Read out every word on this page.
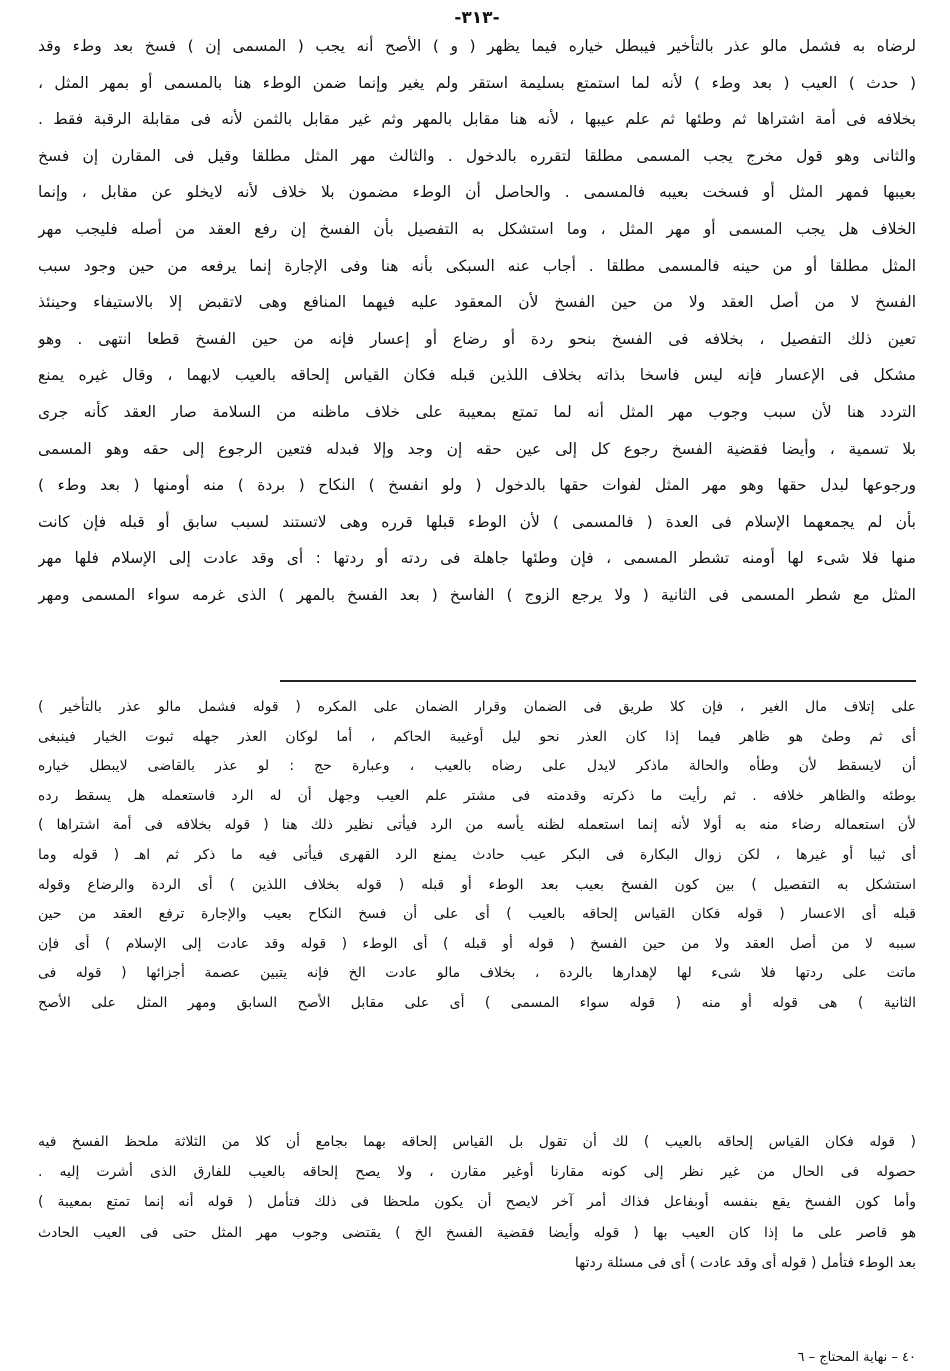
-٣١٣-
لرضاه به فشمل مالو عذر بالتأخير فيبطل خياره فيما يظهر ( و ) الأصح أنه يجب ( المسمى إن ) فسخ بعد وطء وقد
( حدث ) العيب ( بعد وطء ) لأنه لما استمتع بسليمة استقر ولم يغير وإنما ضمن الوطء هنا بالمسمى أو بمهر المثل ،
بخلافه فى أمة اشتراها ثم وطئها ثم علم عيبها ، لأنه هنا مقابل بالمهر وثم غير مقابل بالثمن لأنه فى مقابلة الرقبة فقط .
والثانى وهو قول مخرج يجب المسمى مطلقا لتقرره بالدخول . والثالث مهر المثل مطلقا وقيل فى المقارن إن فسخ
بعيبها فمهر المثل أو فسخت بعيبه فالمسمى . والحاصل أن الوطء مضمون بلا خلاف لأنه لايخلو عن مقابل ، وإنما
الخلاف هل يجب المسمى أو مهر المثل ، وما استشكل به التفصيل بأن الفسخ إن رفع العقد من أصله فليجب مهر
المثل مطلقا أو من حينه فالمسمى مطلقا . أجاب عنه السبكى بأنه هنا وفى الإجارة إنما يرفعه من حين وجود سبب
الفسخ لا من أصل العقد ولا من حين الفسخ لأن المعقود عليه فيهما المنافع وهى لاتقبض إلا بالاستيفاء وحينئذ
تعين ذلك التفصيل ، بخلافه فى الفسخ بنحو ردة أو رضاع أو إعسار فإنه من حين الفسخ قطعا انتهى . وهو
مشكل فى الإعسار فإنه ليس فاسخا بذاته بخلاف اللذين قبله فكان القياس إلحاقه بالعيب لابهما ، وقال غيره يمنع
التردد هنا لأن سبب وجوب مهر المثل أنه لما تمتع بمعيبة على خلاف ماظنه من السلامة صار العقد كأنه جرى
بلا تسمية ، وأيضا فقضية الفسخ رجوع كل إلى عين حقه إن وجد وإلا فبدله فتعين الرجوع إلى حقه وهو المسمى
ورجوعها لبدل حقها وهو مهر المثل لفوات حقها بالدخول ( ولو انفسخ ) النكاح ( بردة ) منه أومنها ( بعد وطء )
بأن لم يجمعهما الإسلام فى العدة ( فالمسمى ) لأن الوطء قبلها قرره وهى لاتستند لسبب سابق أو قبله فإن كانت
منها فلا شىء لها أومنه تشطر المسمى ، فإن وطئها جاهلة فى ردته أو ردتها : أى وقد عادت إلى الإسلام فلها مهر
المثل مع شطر المسمى فى الثانية ( ولا يرجع الزوج ) الفاسخ ( بعد الفسخ بالمهر ) الذى غرمه سواء المسمى ومهر
على إتلاف مال الغير ، فإن كلا طريق فى الضمان وقرار الضمان على المكره ( قوله فشمل مالو عذر بالتأخير )
أى ثم وطئ هو ظاهر فيما إذا كان العذر نحو ليل أوغيبة الحاكم ، أما لوكان العذر جهله ثبوت الخيار فينبغى
أن لايسقط لأن وطأه والحالة ماذكر لايدل على رضاه بالعيب ، وعبارة حج : لو عذر بالقاضى لايبطل خياره
بوطئه والظاهر خلافه . ثم رأيت ما ذكرته وقدمته فى مشتر علم العيب وجهل أن له الرد فاستعمله هل يسقط رده
لأن استعماله رضاء منه به أولا لأنه إنما استعمله لظنه يأسه من الرد فيأتى نظير ذلك هنا ( قوله بخلافه فى أمة اشتراها )
أى ثيبا أو غيرها ، لكن زوال البكارة فى البكر عيب حادث يمنع الرد القهرى فيأتى فيه ما ذكر ثم اهـ ( قوله وما
استشكل به التفصيل ) بين كون الفسخ بعيب بعد الوطء أو قبله ( قوله بخلاف اللذين ) أى الردة والرضاع وقوله
قبله أى الاعسار ( قوله فكان القياس إلحاقه بالعيب ) أى على أن فسخ النكاح بعيب والإجارة ترفع العقد من حين
سببه لا من أصل العقد ولا من حين الفسخ ( قوله أو قبله ) أى الوطء ( قوله وقد عادت إلى الإسلام ) أى فإن
ماتت على ردتها فلا شىء لها لإهدارها بالردة ، بخلاف مالو عادت الخ فإنه يتبين عصمة أجزائها ( قوله فى
الثانية ) هى قوله أو منه ( قوله سواء المسمى ) أى على مقابل الأصح السابق ومهر المثل على الأصح
( قوله فكان القياس إلحاقه بالعيب ) لك أن تقول بل القياس إلحاقه بهما بجامع أن كلا من الثلاثة ملحظ الفسخ فيه
حصوله فى الحال من غير نظر إلى كونه مقارنا أوغير مقارن ، ولا يصح إلحاقه بالعيب للفارق الذى أشرت إليه .
وأما كون الفسخ يقع بنفسه أوبفاعل فذاك أمر آخر لايصح أن يكون ملحظا فى ذلك فتأمل ( قوله أنه إنما تمتع بمعيبة )
هو قاصر على ما إذا كان العيب بها ( قوله وأيضا فقضية الفسخ الخ ) يقتضى وجوب مهر المثل حتى فى العيب الحادث
بعد الوطء فتأمل ( قوله أى وقد عادت ) أى فى مسئلة ردتها
٤٠ – نهاية المحتاج – ٦
